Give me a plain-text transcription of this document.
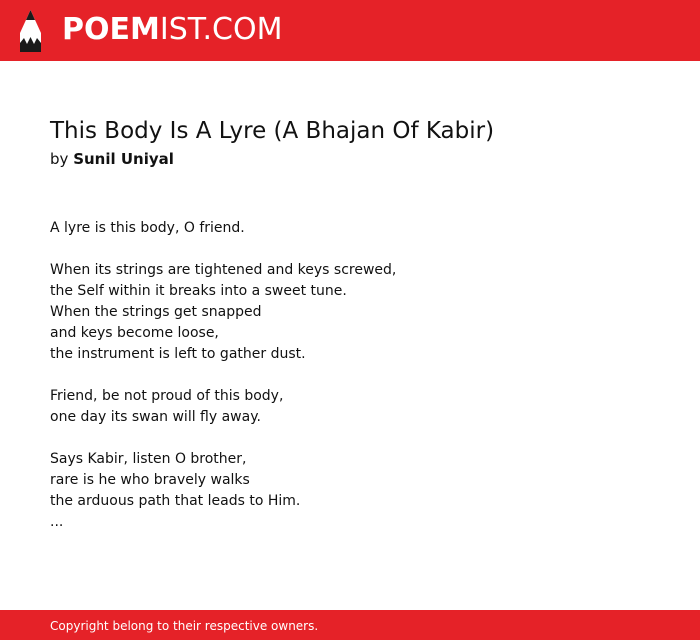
POEMIST.COM
This Body Is A Lyre (A Bhajan Of Kabir)
by Sunil Uniyal
A lyre is this body, O friend.
When its strings are tightened and keys screwed,
the Self within it breaks into a sweet tune.
When the strings get snapped
and keys become loose,
the instrument is left to gather dust.
Friend, be not proud of this body,
one day its swan will fly away.
Says Kabir, listen O brother,
rare is he who bravely walks
the arduous path that leads to Him.
...
Copyright belong to their respective owners.
